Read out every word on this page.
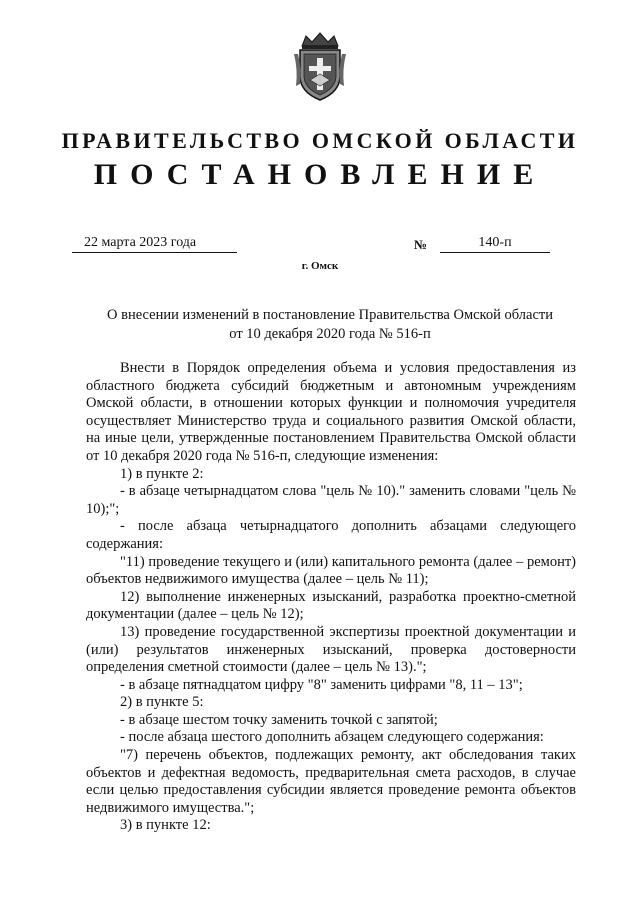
ПРАВИТЕЛЬСТВО ОМСКОЙ ОБЛАСТИ
ПОСТАНОВЛЕНИЕ
22 марта 2023 года	№	140-п
г. Омск
О внесении изменений в постановление Правительства Омской области
от 10 декабря 2020 года № 516-п

Внести в Порядок определения объема и условия предоставления из областного бюджета субсидий бюджетным и автономным учреждениям Омской области, в отношении которых функции и полномочия учредителя осуществляет Министерство труда и социального развития Омской области, на иные цели, утвержденные постановлением Правительства Омской области от 10 декабря 2020 года № 516-п, следующие изменения:

1) в пункте 2:

- в абзаце четырнадцатом слова "цель № 10)." заменить словами "цель № 10);";

- после абзаца четырнадцатого дополнить абзацами следующего содержания:

"11) проведение текущего и (или) капитального ремонта (далее – ремонт) объектов недвижимого имущества (далее – цель № 11);

12) выполнение инженерных изысканий, разработка проектно-сметной документации (далее – цель № 12);

13) проведение государственной экспертизы проектной документации и (или) результатов инженерных изысканий, проверка достоверности определения сметной стоимости (далее – цель № 13).";

- в абзаце пятнадцатом цифру "8" заменить цифрами "8, 11 – 13";

2) в пункте 5:

- в абзаце шестом точку заменить точкой с запятой;

- после абзаца шестого дополнить абзацем следующего содержания:

"7) перечень объектов, подлежащих ремонту, акт обследования таких объектов и дефектная ведомость, предварительная смета расходов, в случае если целью предоставления субсидии является проведение ремонта объектов недвижимого имущества.";

3) в пункте 12:
